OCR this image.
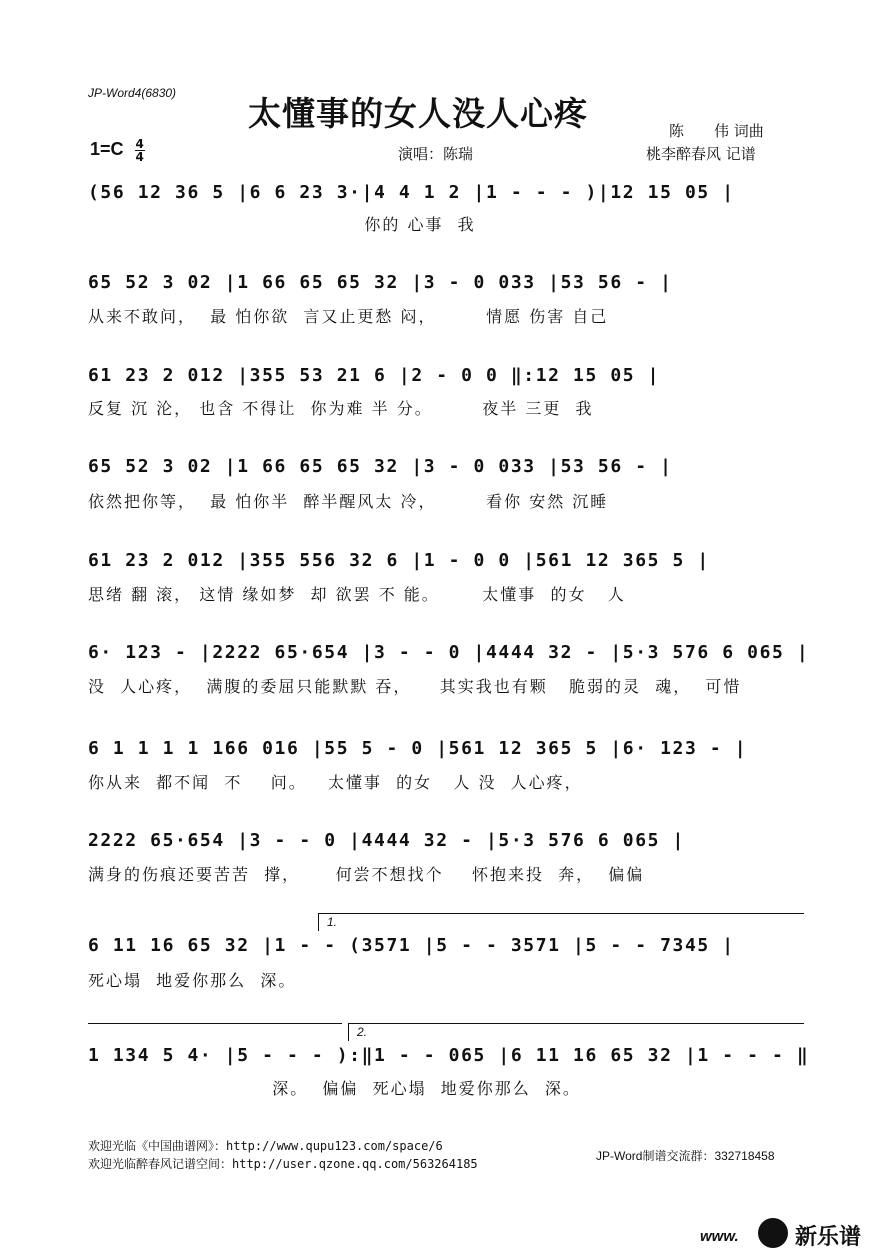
JP-Word4(6830)
太懂事的女人没人心疼	陈　　伟 词曲
桃李醉春风 记谱
演唱：陈瑞
$1=C \frac{4}{4}$
(56 12 36 5 |6 6 23 3·|4 4 1 2 |1 - - - )|12 15 05 |
你的 心事  我
65 52 3 02 |1 66 65 65 32 |3 - 0 033 |53 56 - |
从来不敢问，  最 怕你欲  言又止更愁 闷，       情愿 伤害 自己
61 23 2 012 |355 53 21 6 |2 - 0 0 ‖:12 15 05 |
反复 沉 沦， 也含 不得让  你为难 半 分。       夜半 三更  我
65 52 3 02 |1 66 65 65 32 |3 - 0 033 |53 56 - |
依然把你等，  最 怕你半  醉半醒风太 冷，       看你 安然 沉睡
61 23 2 012 |355 556 32 6 |1 - 0 0 |561 12 365 5 |
思绪 翻 滚， 这情 缘如梦  却 欲罢 不 能。      太懂事  的女   人
6· 123 - |2222 65·654 |3 - - 0 |4444 32 - |5·3 576 6 065 |
没  人心疼，  满腹的委屈只能默默 吞，    其实我也有颗   脆弱的灵  魂，  可惜
6 1 1 1 1 166 016 |55 5 - 0 |561 12 365 5 |6· 123 - |
你从来  都不闻  不    问。   太懂事  的女   人 没  人心疼，
2222 65·654 |3 - - 0 |4444 32 - |5·3 576 6 065 |
满身的伤痕还要苦苦  撑，     何尝不想找个    怀抱来投  奔，  偏偏
1.
6 11 16 65 32 |1 - - (3571 |5 - - 3571 |5 - - 7345 |
死心塌  地爱你那么  深。
2.
1 134 5 4· |5 - - - ):‖1 - - 065 |6 11 16 65 32 |1 - - - ‖
深。  偏偏  死心塌  地爱你那么  深。
欢迎光临《中国曲谱网》：http://www.qupu123.com/space/6
欢迎光临醉春风记谱空间：http://user.qzone.qq.com/563264185
JP-Word制谱交流群：332718458
www.	新乐谱
